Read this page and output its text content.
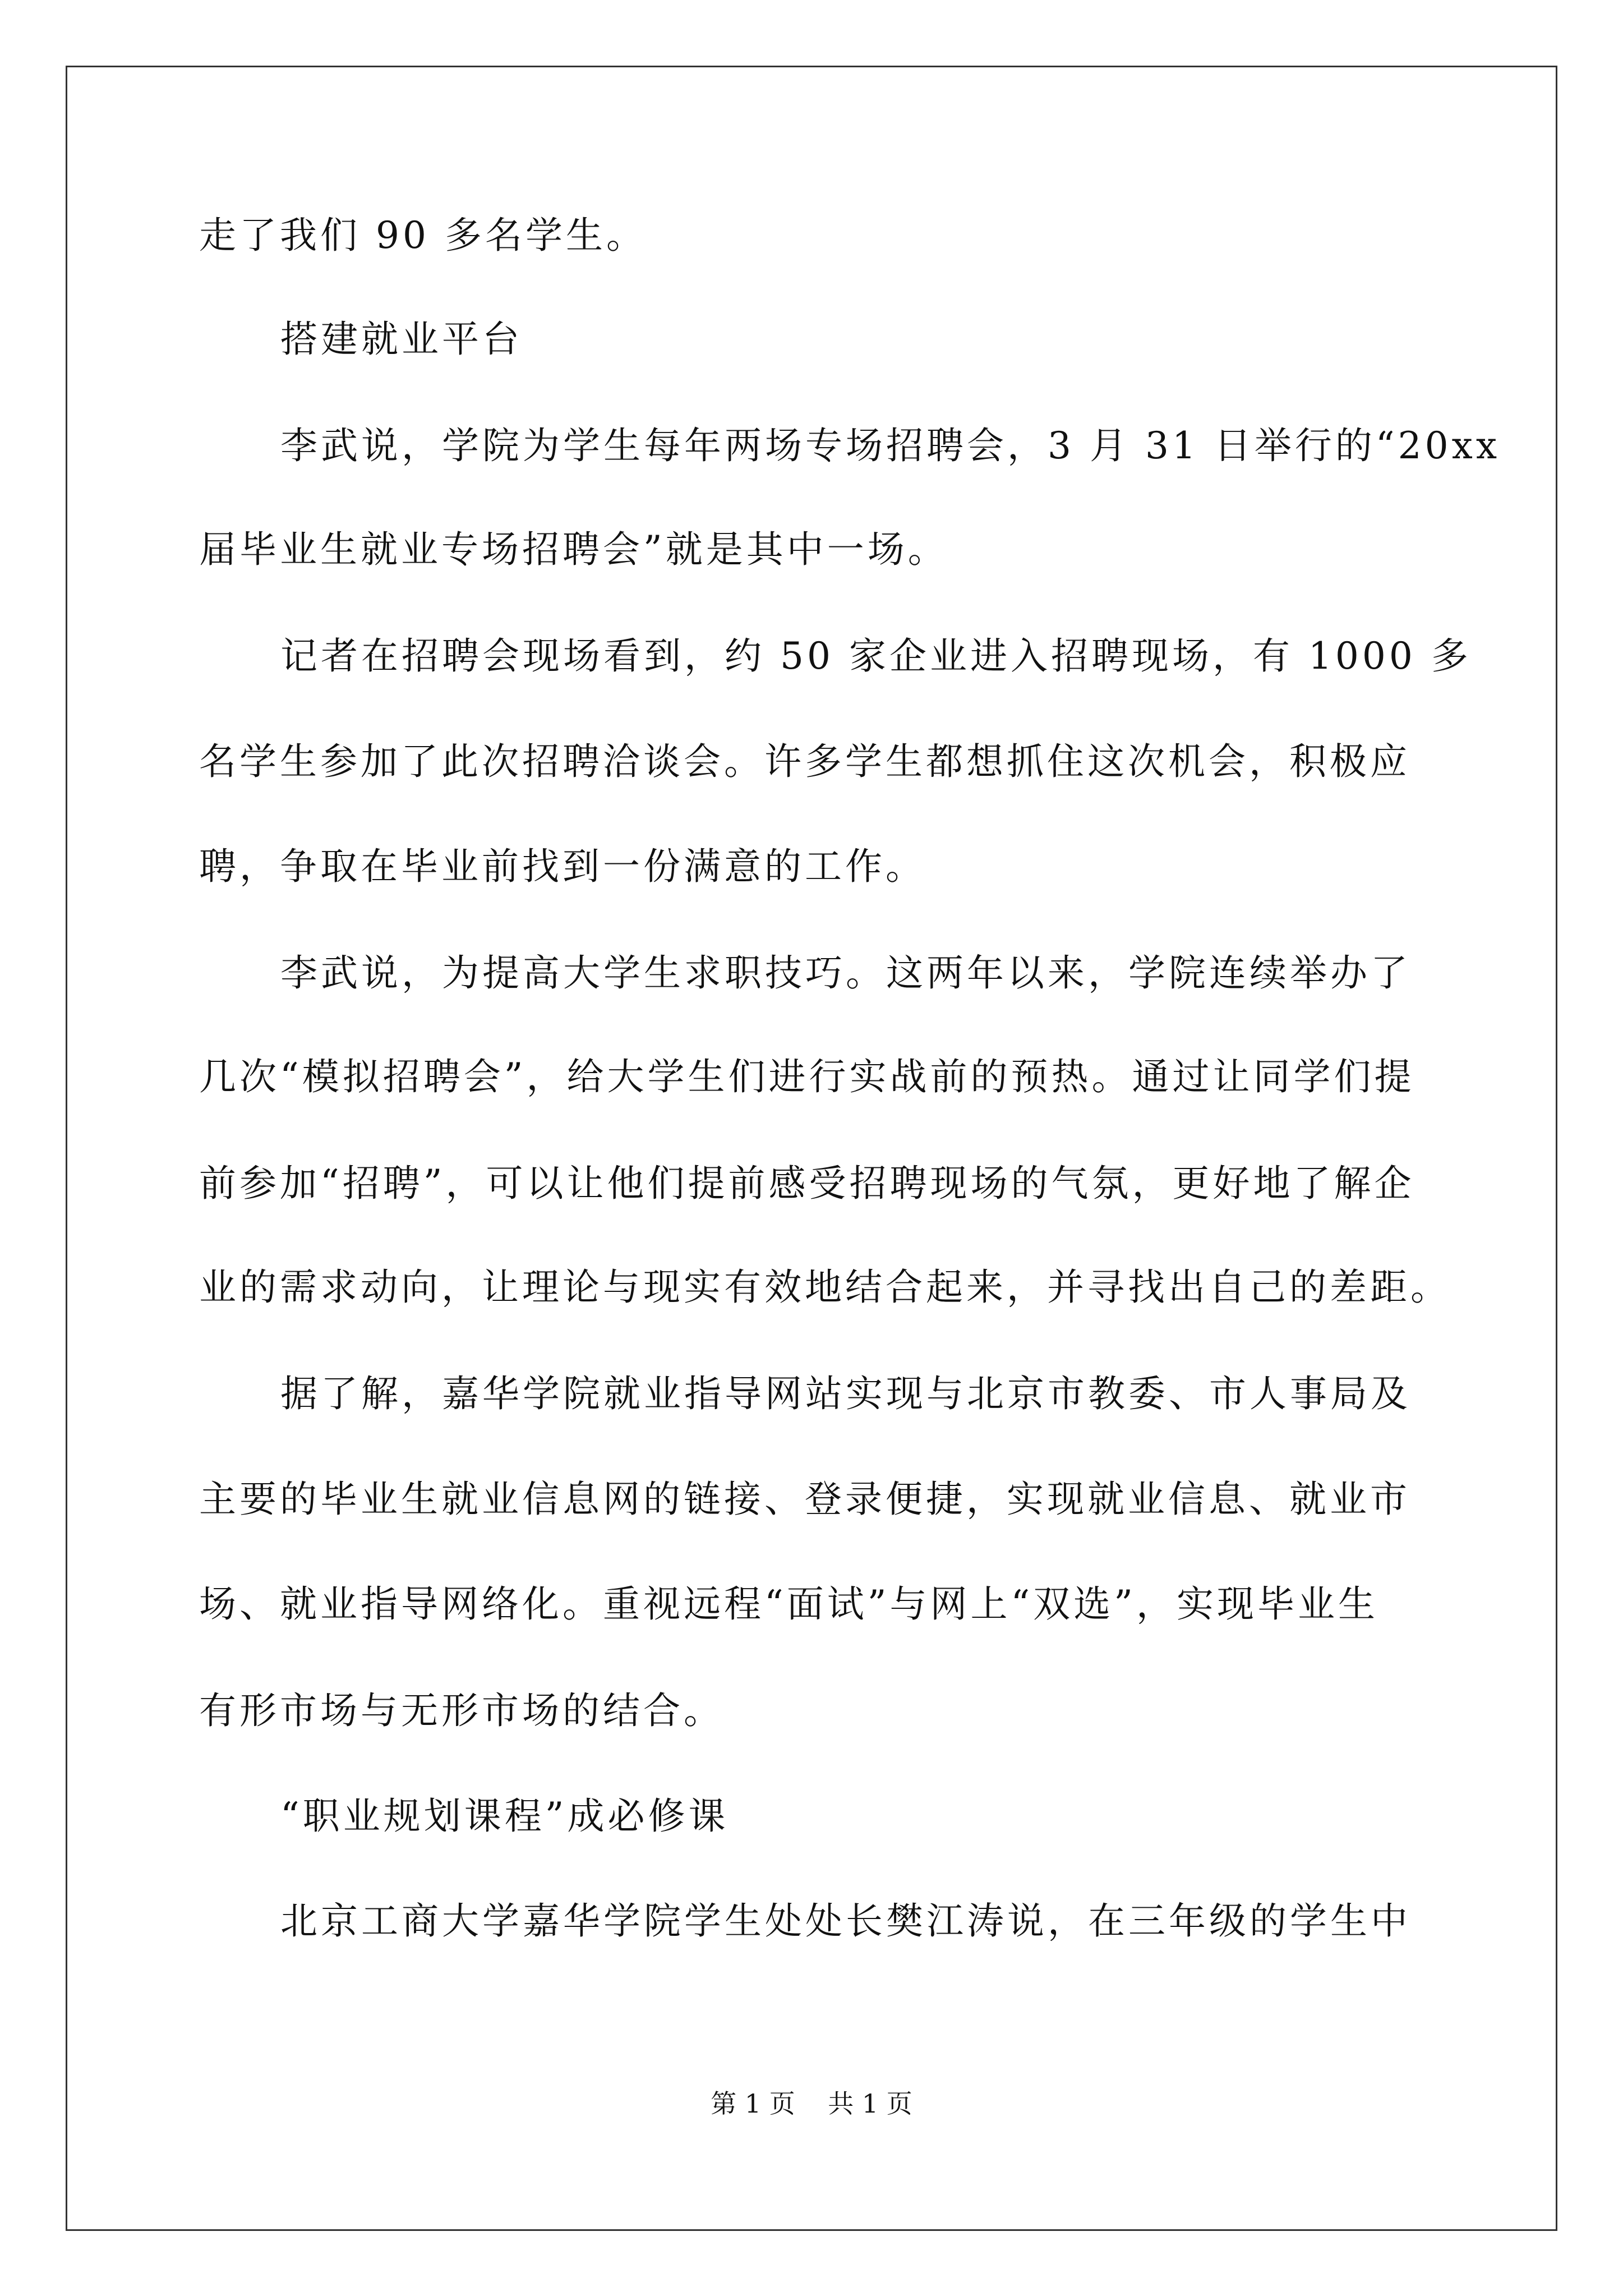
走了我们 90 多名学生。
搭建就业平台
李武说，学院为学生每年两场专场招聘会，3 月 31 日举行的“20xx
届毕业生就业专场招聘会”就是其中一场。
记者在招聘会现场看到，约 50 家企业进入招聘现场，有 1000 多
名学生参加了此次招聘洽谈会。许多学生都想抓住这次机会，积极应
聘，争取在毕业前找到一份满意的工作。
李武说，为提高大学生求职技巧。这两年以来，学院连续举办了
几次“模拟招聘会”，给大学生们进行实战前的预热。通过让同学们提
前参加“招聘”，可以让他们提前感受招聘现场的气氛，更好地了解企
业的需求动向，让理论与现实有效地结合起来，并寻找出自己的差距。
据了解，嘉华学院就业指导网站实现与北京市教委、市人事局及
主要的毕业生就业信息网的链接、登录便捷，实现就业信息、就业市
场、就业指导网络化。重视远程“面试”与网上“双选”，实现毕业生
有形市场与无形市场的结合。
“职业规划课程”成必修课
北京工商大学嘉华学院学生处处长樊江涛说，在三年级的学生中
第 1 页    共 1 页
